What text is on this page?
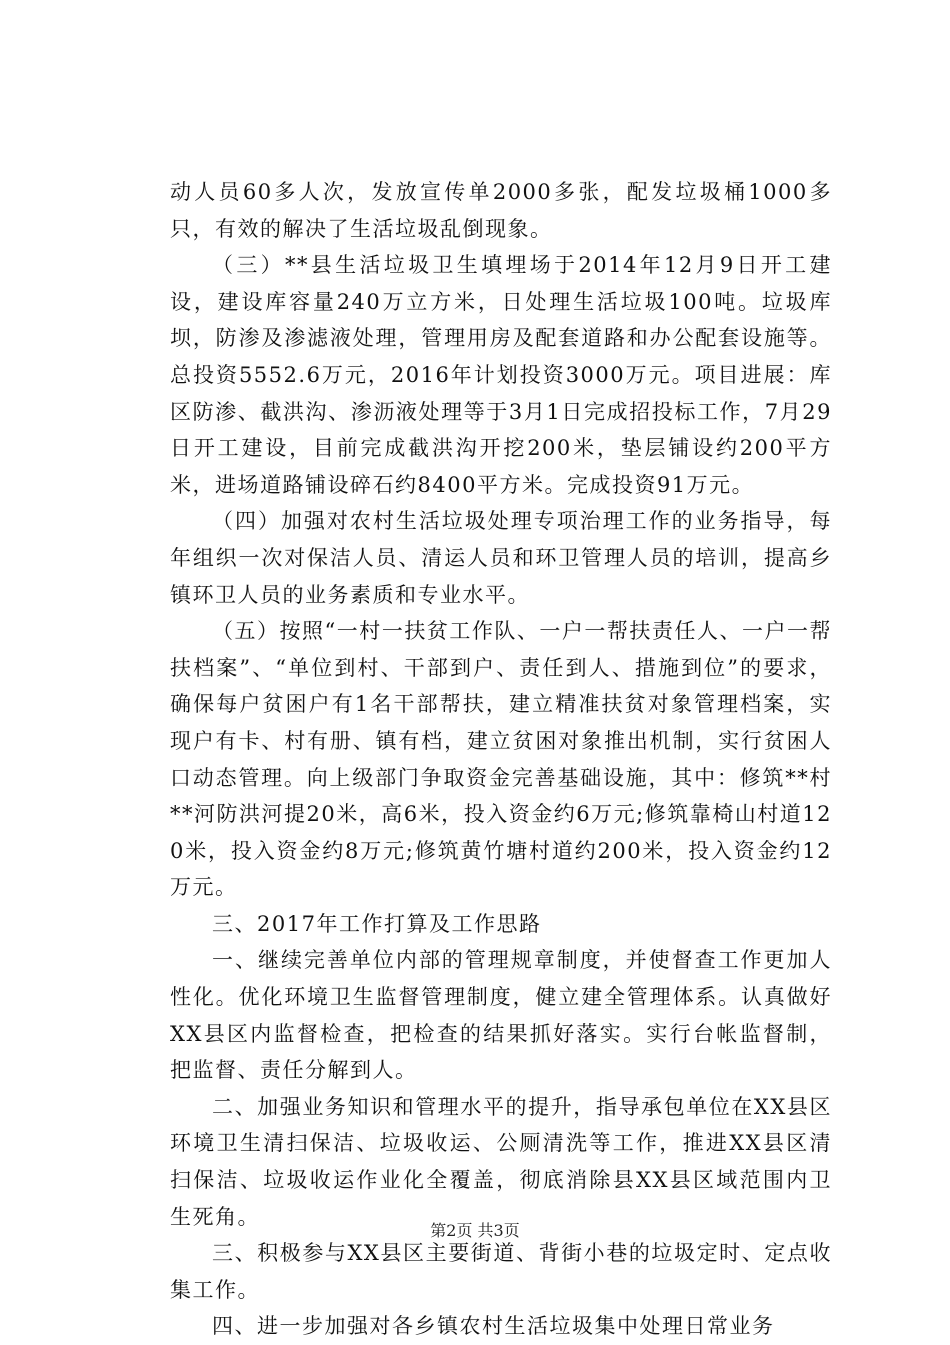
动人员60多人次，发放宣传单2000多张，配发垃圾桶1000多只，有效的解决了生活垃圾乱倒现象。

（三）**县生活垃圾卫生填埋场于2014年12月9日开工建设，建设库容量240万立方米，日处理生活垃圾100吨。垃圾库坝，防渗及渗滤液处理，管理用房及配套道路和办公配套设施等。总投资5552.6万元，2016年计划投资3000万元。项目进展：库区防渗、截洪沟、渗沥液处理等于3月1日完成招投标工作，7月29日开工建设，目前完成截洪沟开挖200米，垫层铺设约200平方米，进场道路铺设碎石约8400平方米。完成投资91万元。

（四）加强对农村生活垃圾处理专项治理工作的业务指导，每年组织一次对保洁人员、清运人员和环卫管理人员的培训，提高乡镇环卫人员的业务素质和专业水平。

（五）按照“一村一扶贫工作队、一户一帮扶责任人、一户一帮扶档案”、“单位到村、干部到户、责任到人、措施到位”的要求，确保每户贫困户有1名干部帮扶，建立精准扶贫对象管理档案，实现户有卡、村有册、镇有档，建立贫困对象推出机制，实行贫困人口动态管理。向上级部门争取资金完善基础设施，其中：修筑**村**河防洪河提20米，高6米，投入资金约6万元;修筑靠椅山村道120米，投入资金约8万元;修筑黄竹塘村道约200米，投入资金约12万元。

三、2017年工作打算及工作思路

一、继续完善单位内部的管理规章制度，并使督查工作更加人性化。优化环境卫生监督管理制度，健立建全管理体系。认真做好XX县区内监督检查，把检查的结果抓好落实。实行台帐监督制，把监督、责任分解到人。

二、加强业务知识和管理水平的提升，指导承包单位在XX县区环境卫生清扫保洁、垃圾收运、公厕清洗等工作，推进XX县区清扫保洁、垃圾收运作业化全覆盖，彻底消除县XX县区域范围内卫生死角。

三、积极参与XX县区主要街道、背街小巷的垃圾定时、定点收集工作。

四、进一步加强对各乡镇农村生活垃圾集中处理日常业务

第2页 共3页
